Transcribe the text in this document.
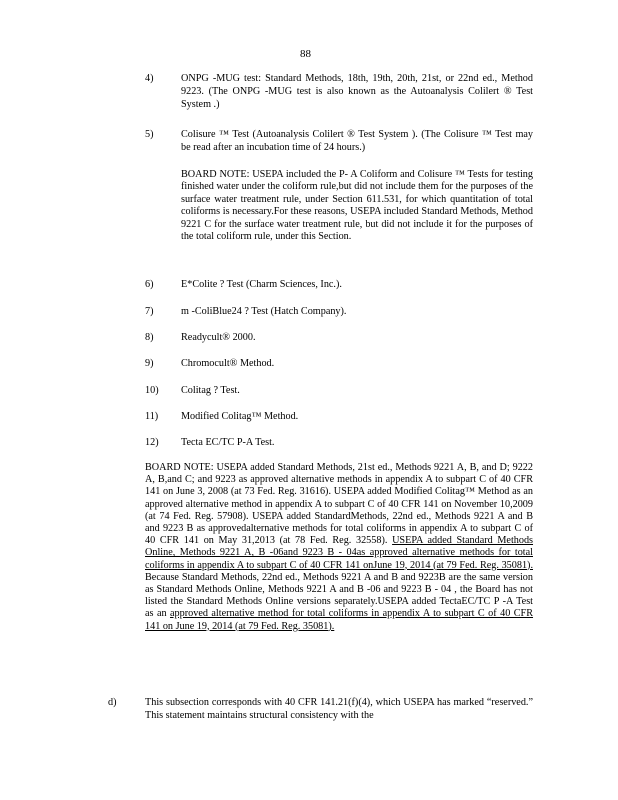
88
4)	ONPG -MUG test: Standard Methods, 18th, 19th, 20th, 21st, or 22nd ed., Method 9223. (The ONPG -MUG test is also known as the Autoanalysis Colilert ® Test System .)
5)	Colisure ™ Test (Autoanalysis Colilert ® Test System ). (The Colisure ™ Test may be read after an incubation time of 24 hours.)
BOARD NOTE: USEPA included the P- A Coliform and Colisure ™ Tests for testing finished water under the coliform rule,but did not include them for the purposes of the surface water treatment rule, under Section 611.531, for which quantitation of total coliforms is necessary.For these reasons, USEPA included Standard Methods, Method 9221 C for the surface water treatment rule, but did not include it for the purposes of the total coliform rule, under this Section.
6)	E*Colite ? Test (Charm Sciences, Inc.).
7)	m -ColiBlue24 ? Test (Hatch Company).
8)	Readycult® 2000.
9)	Chromocult® Method.
10) Colitag ? Test.
11) Modified Colitag™ Method.
12) Tecta EC/TC P-A Test.
BOARD NOTE: USEPA added Standard Methods, 21st ed., Methods 9221 A, B, and D; 9222 A, B,and C; and 9223 as approved alternative methods in appendix A to subpart C of 40 CFR 141 on June 3, 2008 (at 73 Fed. Reg. 31616). USEPA added Modified Colitag™ Method as an approved alternative method in appendix A to subpart C of 40 CFR 141 on November 10,2009 (at 74 Fed. Reg. 57908). USEPA added StandardMethods, 22nd ed., Methods 9221 A and B and 9223 B as approvedalternative methods for total coliforms in appendix A to subpart C of 40 CFR 141 on May 31,2013 (at 78 Fed. Reg. 32558). USEPA added Standard Methods Online, Methods 9221 A, B -06and 9223 B - 04as approved alternative methods for total coliforms in appendix A to subpart C of 40 CFR 141 onJune 19, 2014 (at 79 Fed. Reg. 35081). Because Standard Methods, 22nd ed., Methods 9221 A and B and 9223B are the same version as Standard Methods Online, Methods 9221 A and B -06 and 9223 B - 04 , the Board has not listed the Standard Methods Online versions separately.USEPA added TectaEC/TC P -A Test as an approved alternative method for total coliforms in appendix A to subpart C of 40 CFR 141 on June 19, 2014 (at 79 Fed. Reg. 35081).
d)	This subsection corresponds with 40 CFR 141.21(f)(4), which USEPA has marked “reserved.” This statement maintains structural consistency with the
